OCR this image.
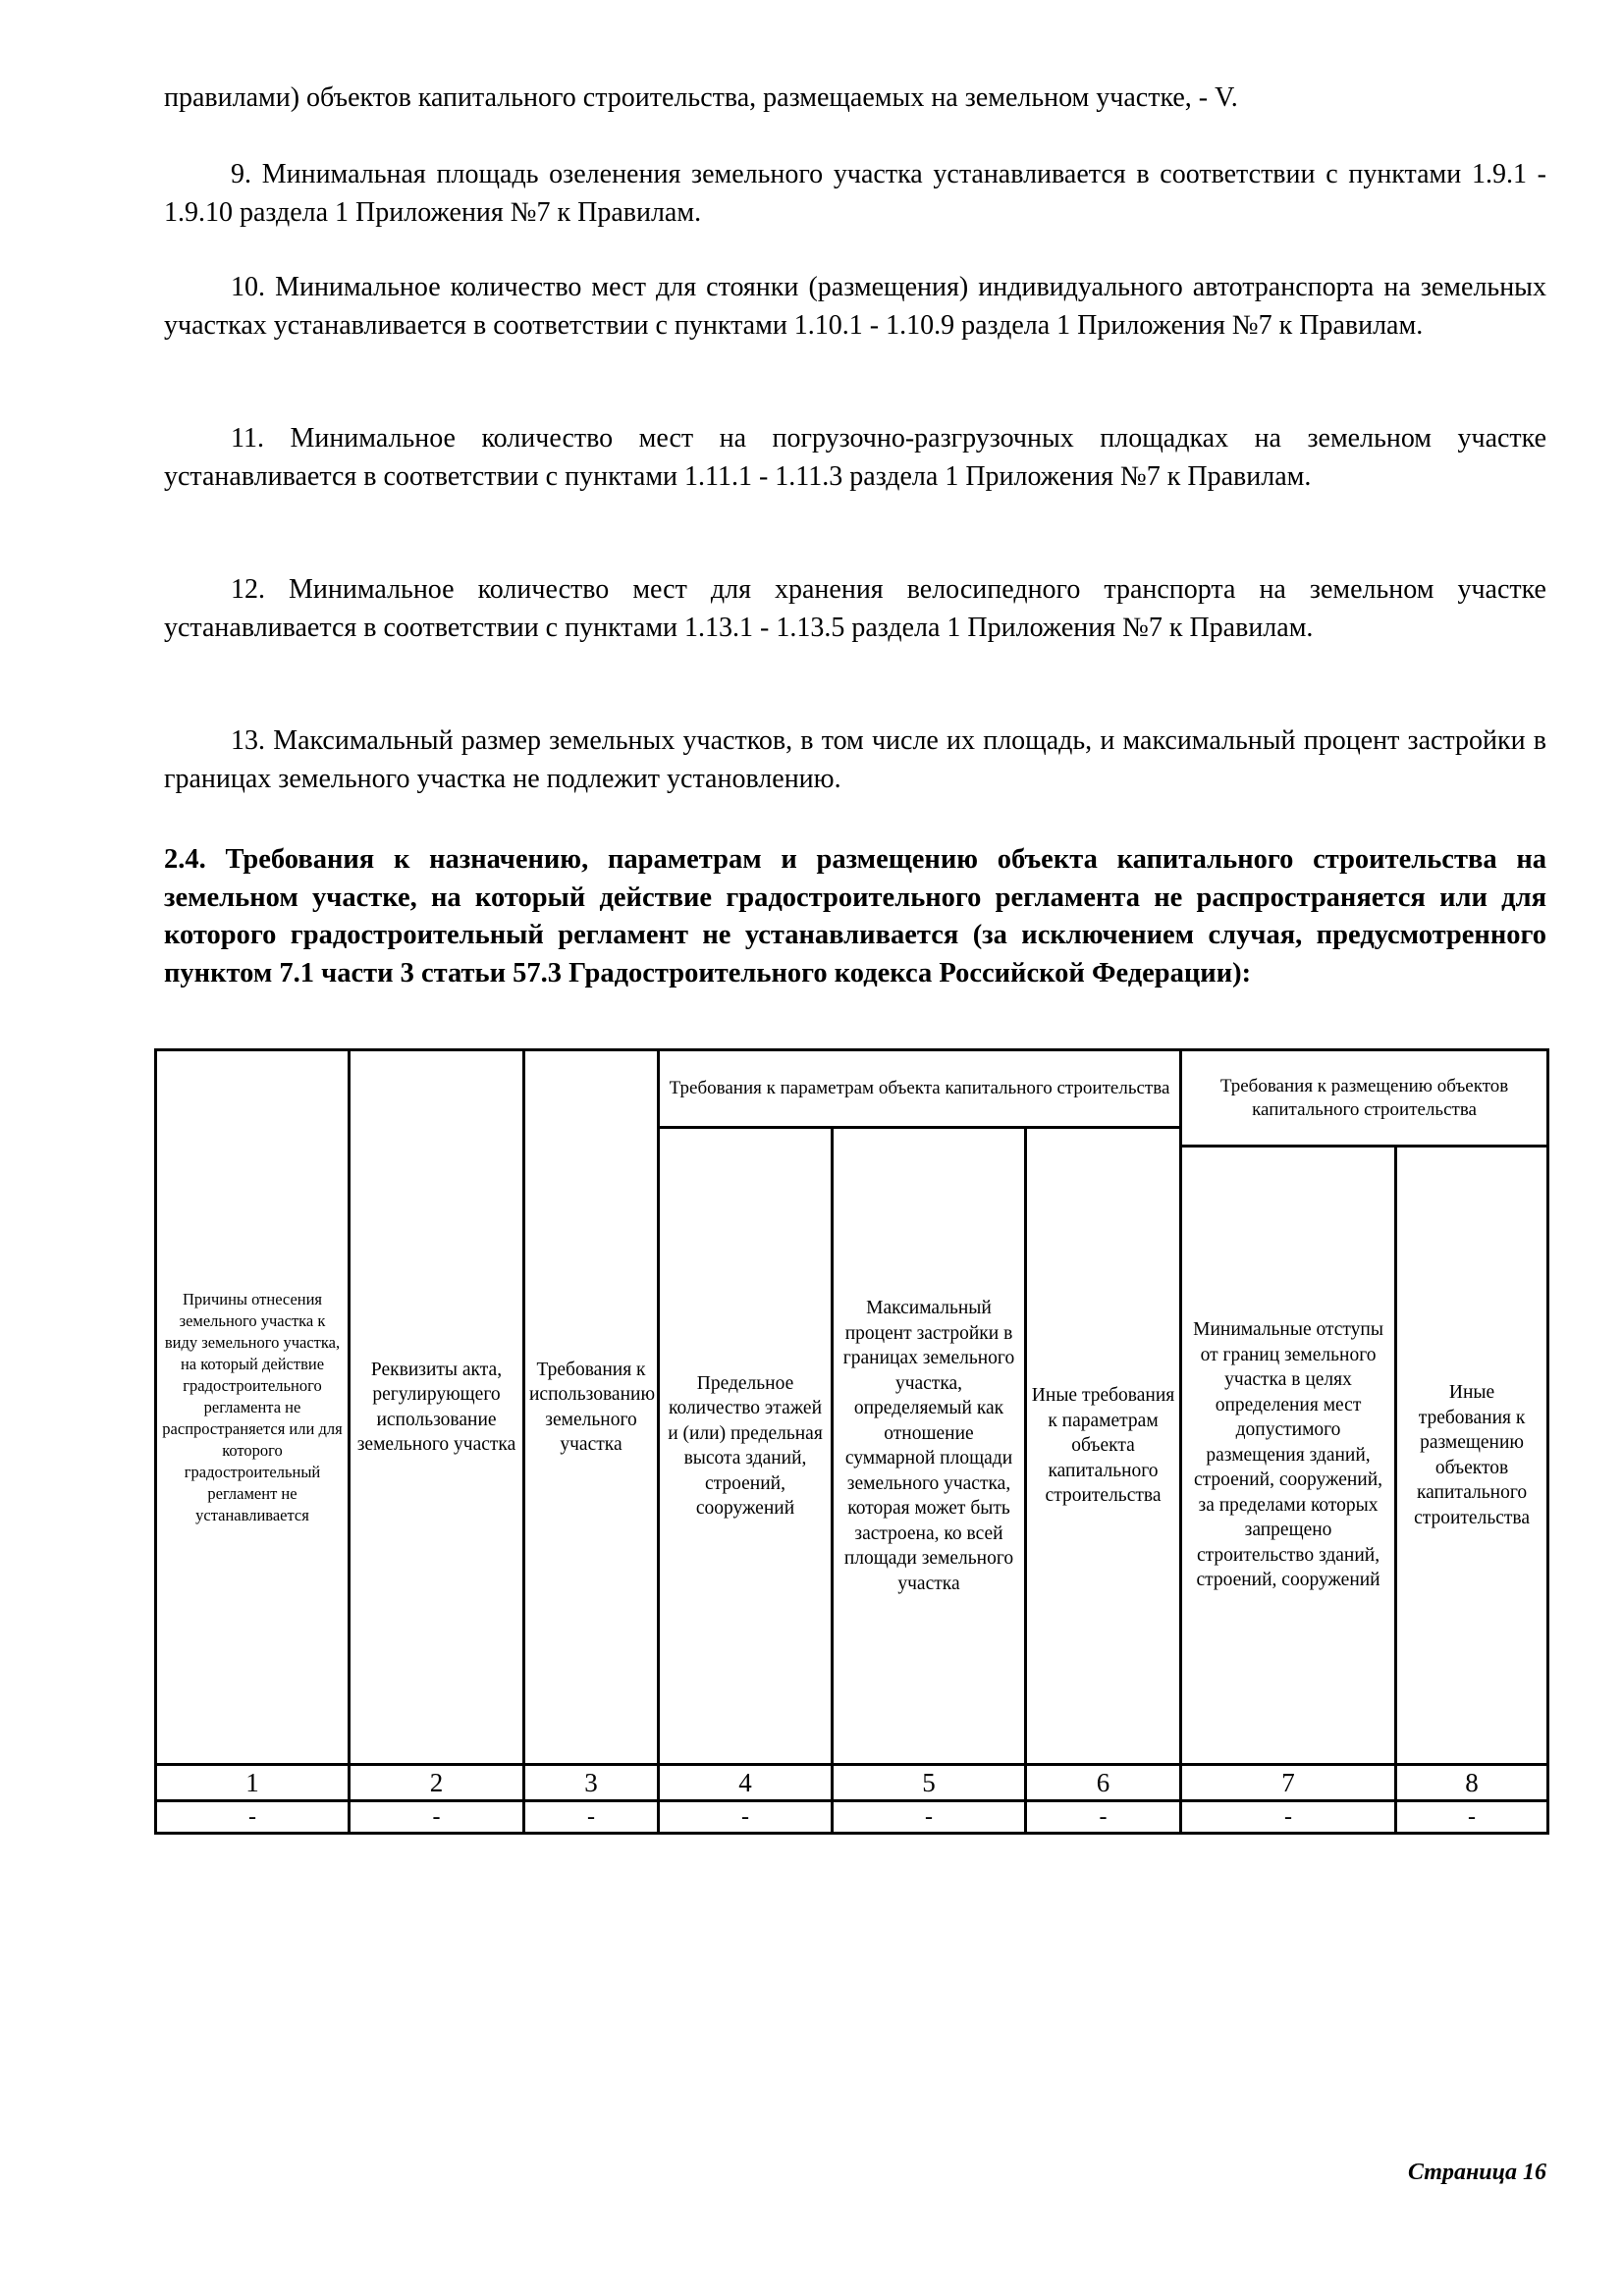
правилами) объектов капитального строительства, размещаемых на земельном участке, - V.

9. Минимальная площадь озеленения земельного участка устанавливается в соответствии с пунктами 1.9.1 - 1.9.10 раздела 1 Приложения №7 к Правилам.

10. Минимальное количество мест для стоянки (размещения) индивидуального автотранспорта на земельных участках устанавливается в соответствии с пунктами 1.10.1 - 1.10.9 раздела 1 Приложения №7 к Правилам.

11. Минимальное количество мест на погрузочно-разгрузочных площадках на земельном участке устанавливается в соответствии с пунктами 1.11.1 - 1.11.3 раздела 1 Приложения №7 к Правилам.

12. Минимальное количество мест для хранения велосипедного транспорта на земельном участке устанавливается в соответствии с пунктами 1.13.1 - 1.13.5 раздела 1 Приложения №7 к Правилам.

13. Максимальный размер земельных участков, в том числе их площадь, и максимальный процент застройки в границах земельного участка не подлежит установлению.

2.4. Требования к назначению, параметрам и размещению объекта капитального строительства на земельном участке, на который действие градостроительного регламента не распространяется или для которого градостроительный регламент не устанавливается (за исключением случая, предусмотренного пунктом 7.1 части 3 статьи 57.3 Градостроительного кодекса Российской Федерации):

Причины отнесения земельного участка к виду земельного участка, на который действие градостроительного регламента не распространяется или для которого градостроительный регламент не устанавливается	Реквизиты акта, регулирующего использование земельного участка	Требования к использованию земельного участка	Требования к параметрам объекта капитального строительства			Требования к размещению объектов капитального строительства	
			Предельное количество этажей и (или) предельная высота зданий, строений, сооружений	Максимальный процент застройки в границах земельного участка, определяемый как отношение суммарной площади земельного участка, которая может быть застроена, ко всей площади земельного участка	Иные требования к параметрам объекта капитального строительства		
						Минимальные отступы от границ земельного участка в целях определения мест допустимого размещения зданий, строений, сооружений, за пределами которых запрещено строительство зданий, строений, сооружений	Иные требования к размещению объектов капитального строительства
1	2	3	4	5	6	7	8
-	-	-	-	-	-	-	-
Страница 16
